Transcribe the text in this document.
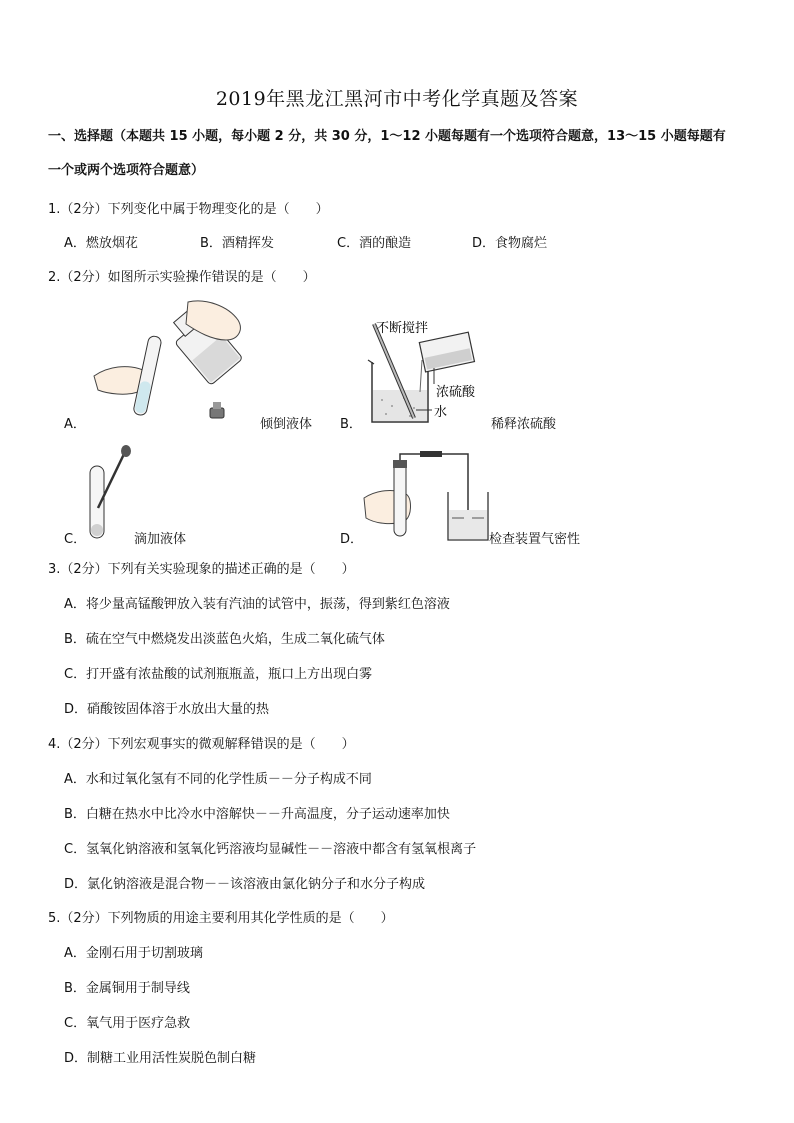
2019年黑龙江黑河市中考化学真题及答案
一、选择题（本题共 15 小题，每小题 2 分，共 30 分，1～12 小题每题有一个选项符合题意，13～15 小题每题有
一个或两个选项符合题意）
1.（2分）下列变化中属于物理变化的是（　　）
A．燃放烟花	B．酒精挥发	C．酒的酿造	D．食物腐烂
2.（2分）如图所示实验操作错误的是（　　）
A．	倾倒液体 B．
不断搅拌
浓硫酸
水
稀释浓硫酸
C．	滴加液体	D．	检查装置气密性
3.（2分）下列有关实验现象的描述正确的是（　　）
A．将少量高锰酸钾放入装有汽油的试管中，振荡，得到紫红色溶液
B．硫在空气中燃烧发出淡蓝色火焰，生成二氧化硫气体
C．打开盛有浓盐酸的试剂瓶瓶盖，瓶口上方出现白雾
D．硝酸铵固体溶于水放出大量的热
4.（2分）下列宏观事实的微观解释错误的是（　　）
A．水和过氧化氢有不同的化学性质－－分子构成不同
B．白糖在热水中比冷水中溶解快－－升高温度，分子运动速率加快
C．氢氧化钠溶液和氢氧化钙溶液均显碱性－－溶液中都含有氢氧根离子
D．氯化钠溶液是混合物－－该溶液由氯化钠分子和水分子构成
5.（2分）下列物质的用途主要利用其化学性质的是（　　）
A．金刚石用于切割玻璃
B．金属铜用于制导线
C．氧气用于医疗急救
D．制糖工业用活性炭脱色制白糖
